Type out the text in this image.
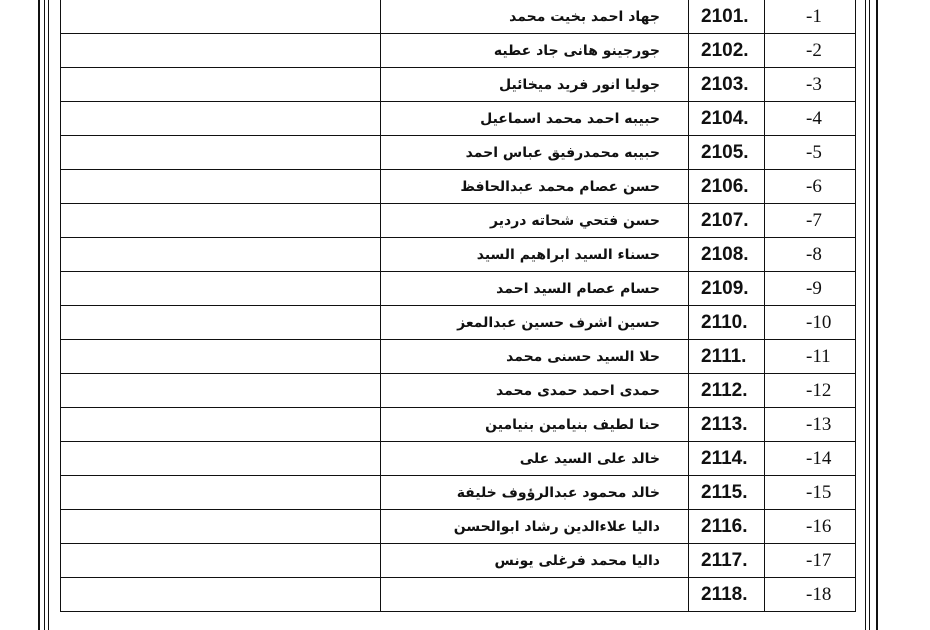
	جهاد احمد بخيت محمد	2101.	-1

	جورجينو هانى جاد عطيه	2102.	-2

	جوليا انور فريد ميخائيل	2103.	-3

	حبيبه احمد محمد اسماعيل	2104.	-4

	حبيبه محمدرفيق عباس احمد	2105.	-5

	حسن عصام محمد عبدالحافظ	2106.	-6

	حسن فتحي شحاته دردير	2107.	-7

	حسناء السيد ابراهيم السيد	2108.	-8

	حسام عصام السيد احمد	2109.	-9

	حسين اشرف حسين عبدالمعز	2110.	-10

	حلا السيد حسنى محمد	2111.	-11

	حمدى احمد حمدى محمد	2112.	-12

	حنا لطيف بنيامين بنيامين	2113.	-13

	خالد على السيد على	2114.	-14

	خالد محمود عبدالرؤوف خليفة	2115.	-15

	داليا علاءالدين رشاد ابوالحسن	2116.	-16

	داليا محمد فرغلى يونس	2117.	-17

		2118.	-18
